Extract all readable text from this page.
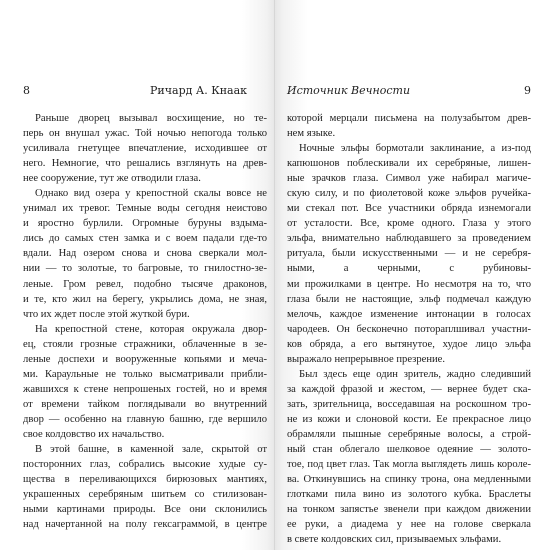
8	Ричард А. Кнаак
Раньше дворец вызывал восхищение, но те-
перь он внушал ужас. Той ночью непогода только
усиливала гнетущее впечатление, исходившее от
него. Немногие, что решались взглянуть на древ-
нее сооружение, тут же отводили глаза.
Однако вид озера у крепостной скалы вовсе не
унимал их тревог. Темные воды сегодня неистово
и яростно бурлили. Огромные буруны вздыма-
лись до самых стен замка и с воем падали где-то
вдали. Над озером снова и снова сверкали мол-
нии — то золотые, то багровые, то гнилостно-зе-
леные. Гром ревел, подобно тысяче драконов,
и те, кто жил на берегу, укрылись дома, не зная,
что их ждет после этой жуткой бури.
На крепостной стене, которая окружала двор-
ец, стояли грозные стражники, облаченные в зе-
леные доспехи и вооруженные копьями и меча-
ми. Караульные не только высматривали прибли-
жавшихся к стене непрошеных гостей, но и время
от времени тайком поглядывали во внутренний
двор — особенно на главную башню, где вершило
свое колдовство их начальство.
В этой башне, в каменной зале, скрытой от
посторонних глаз, собрались высокие худые су-
щества в переливающихся бирюзовых мантиях,
украшенных серебряным шитьем со стилизован-
ными картинами природы. Все они склонились
над начертанной на полу гексаграммой, в центре
Источник Вечности	9
которой мерцали письмена на полузабытом древ-
нем языке.
Ночные эльфы бормотали заклинание, а из-под
капюшонов поблескивали их серебряные, лишен-
ные зрачков глаза. Символ уже набирал магиче-
скую силу, и по фиолетовой коже эльфов ручейка-
ми стекал пот. Все участники обряда изнемогали
от усталости. Все, кроме одного. Глаза у этого
эльфа, внимательно наблюдавшего за проведением
ритуала, были искусственными — и не серебря-
ными, а черными, с рубиновы-
ми прожилками в центре. Но несмотря на то, что
глаза были не настоящие, эльф подмечал каждую
мелочь, каждое изменение интонации в голосах
чародеев. Он бесконечно потораплшивал участни-
ков обряда, а его вытянутое, худое лицо эльфа
выражало непрерывное презрение.
Был здесь еще один зритель, жадно следивший
за каждой фразой и жестом, — вернее будет ска-
зать, зрительница, восседавшая на роскошном тро-
не из кожи и слоновой кости. Ее прекрасное лицо
обрамляли пышные серебряные волосы, а строй-
ный стан облегало шелковое одеяние — золото-
тое, под цвет глаз. Так могла выглядеть лишь короле-
ва. Откинувшись на спинку трона, она медленными
глотками пила вино из золотого кубка. Браслеты
на тонком запястье звенели при каждом движении
ее руки, а диадема у нее на голове сверкала
в свете колдовских сил, призываемых эльфами.
